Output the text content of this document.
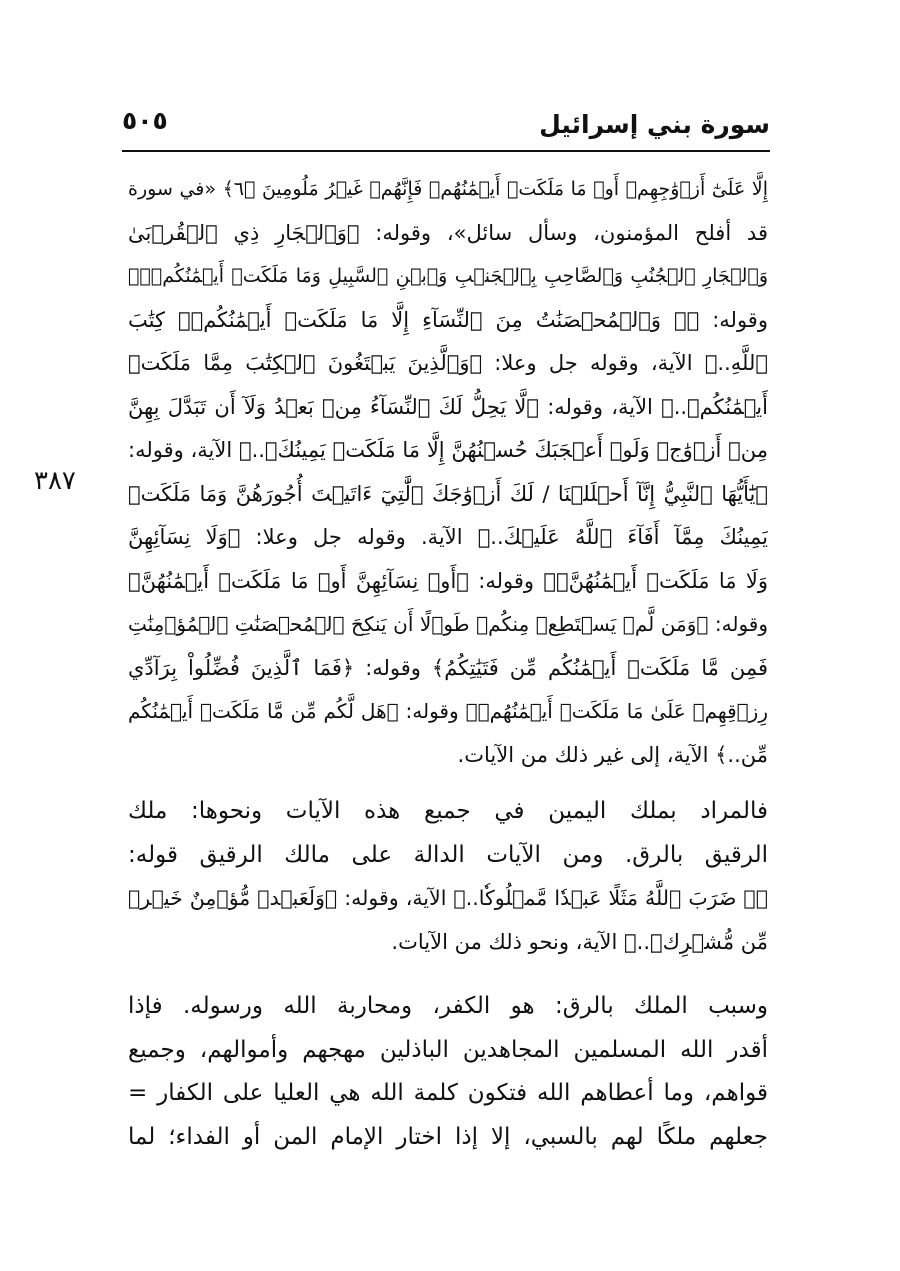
سورة بني إسرائيل
٥٠٥
٣٨٧
إِلَّا عَلَىٰٓ أَزۡوَٰجِهِمۡ أَوۡ مَا مَلَكَتۡ أَيۡمَٰنُهُمۡ فَإِنَّهُمۡ غَيۡرُ مَلُومِينَ ﴿٦﴾ «في سورة
قد أفلح المؤمنون، وسأل سائل»، وقوله: ﴿وَٱلۡجَارِ ذِي ٱلۡقُرۡبَىٰ
وَٱلۡجَارِ ٱلۡجُنُبِ وَٱلصَّاحِبِ بِٱلۡجَنۢبِ وَٱبۡنِ ٱلسَّبِيلِ وَمَا مَلَكَتۡ أَيۡمَٰنُكُمۡۗ﴾
وقوله: ﴿۞ وَٱلۡمُحۡصَنَٰتُ مِنَ ٱلنِّسَآءِ إِلَّا مَا مَلَكَتۡ أَيۡمَٰنُكُمۡۖ كِتَٰبَ
ٱللَّهِ..﴾ الآية، وقوله جل وعلا: ﴿وَٱلَّذِينَ يَبۡتَغُونَ ٱلۡكِتَٰبَ مِمَّا مَلَكَتۡ
أَيۡمَٰنُكُمۡ..﴾ الآية، وقوله: ﴿لَّا يَحِلُّ لَكَ ٱلنِّسَآءُ مِنۢ بَعۡدُ وَلَآ أَن تَبَدَّلَ بِهِنَّ
مِنۡ أَزۡوَٰجٖ وَلَوۡ أَعۡجَبَكَ حُسۡنُهُنَّ إِلَّا مَا مَلَكَتۡ يَمِينُكَۗ..﴾ الآية، وقوله:
﴿يَٰٓأَيُّهَا ٱلنَّبِيُّ إِنَّآ أَحۡلَلۡنَا / لَكَ أَزۡوَٰجَكَ ٱلَّٰتِيٓ ءَاتَيۡتَ أُجُورَهُنَّ وَمَا مَلَكَتۡ
يَمِينُكَ مِمَّآ أَفَآءَ ٱللَّهُ عَلَيۡكَ..﴾ الآية. وقوله جل وعلا: ﴿وَلَا نِسَآئِهِنَّ
وَلَا مَا مَلَكَتۡ أَيۡمَٰنُهُنَّۗ﴾ وقوله: ﴿أَوۡ نِسَآئِهِنَّ أَوۡ مَا مَلَكَتۡ أَيۡمَٰنُهُنَّ﴾
وقوله: ﴿وَمَن لَّمۡ يَسۡتَطِعۡ مِنكُمۡ طَوۡلًا أَن يَنكِحَ ٱلۡمُحۡصَنَٰتِ ٱلۡمُؤۡمِنَٰتِ
فَمِن مَّا مَلَكَتۡ أَيۡمَٰنُكُم مِّن فَتَيَٰتِكُمُ﴾ وقوله: ﴿فَمَا ٱلَّذِينَ فُضِّلُواْ بِرَآدِّي
رِزۡقِهِمۡ عَلَىٰ مَا مَلَكَتۡ أَيۡمَٰنُهُمۡ﴾ وقوله: ﴿هَل لَّكُم مِّن مَّا مَلَكَتۡ أَيۡمَٰنُكُم
مِّن..﴾ الآية، إلى غير ذلك من الآيات.
فالمراد بملك اليمين في جميع هذه الآيات ونحوها: ملك
الرقيق بالرق. ومن الآيات الدالة على مالك الرقيق قوله:
﴿۞ ضَرَبَ ٱللَّهُ مَثَلًا عَبۡدٗا مَّمۡلُوكٗا..﴾ الآية، وقوله: ﴿وَلَعَبۡدٞ مُّؤۡمِنٌ خَيۡرٞ
مِّن مُّشۡرِكٖ..﴾ الآية، ونحو ذلك من الآيات.
وسبب الملك بالرق: هو الكفر، ومحاربة الله ورسوله. فإذا
أقدر الله المسلمين المجاهدين الباذلين مهجهم وأموالهم، وجميع
قواهم، وما أعطاهم الله فتكون كلمة الله هي العليا على الكفار =
جعلهم ملكًا لهم بالسبي، إلا إذا اختار الإمام المن أو الفداء؛ لما
